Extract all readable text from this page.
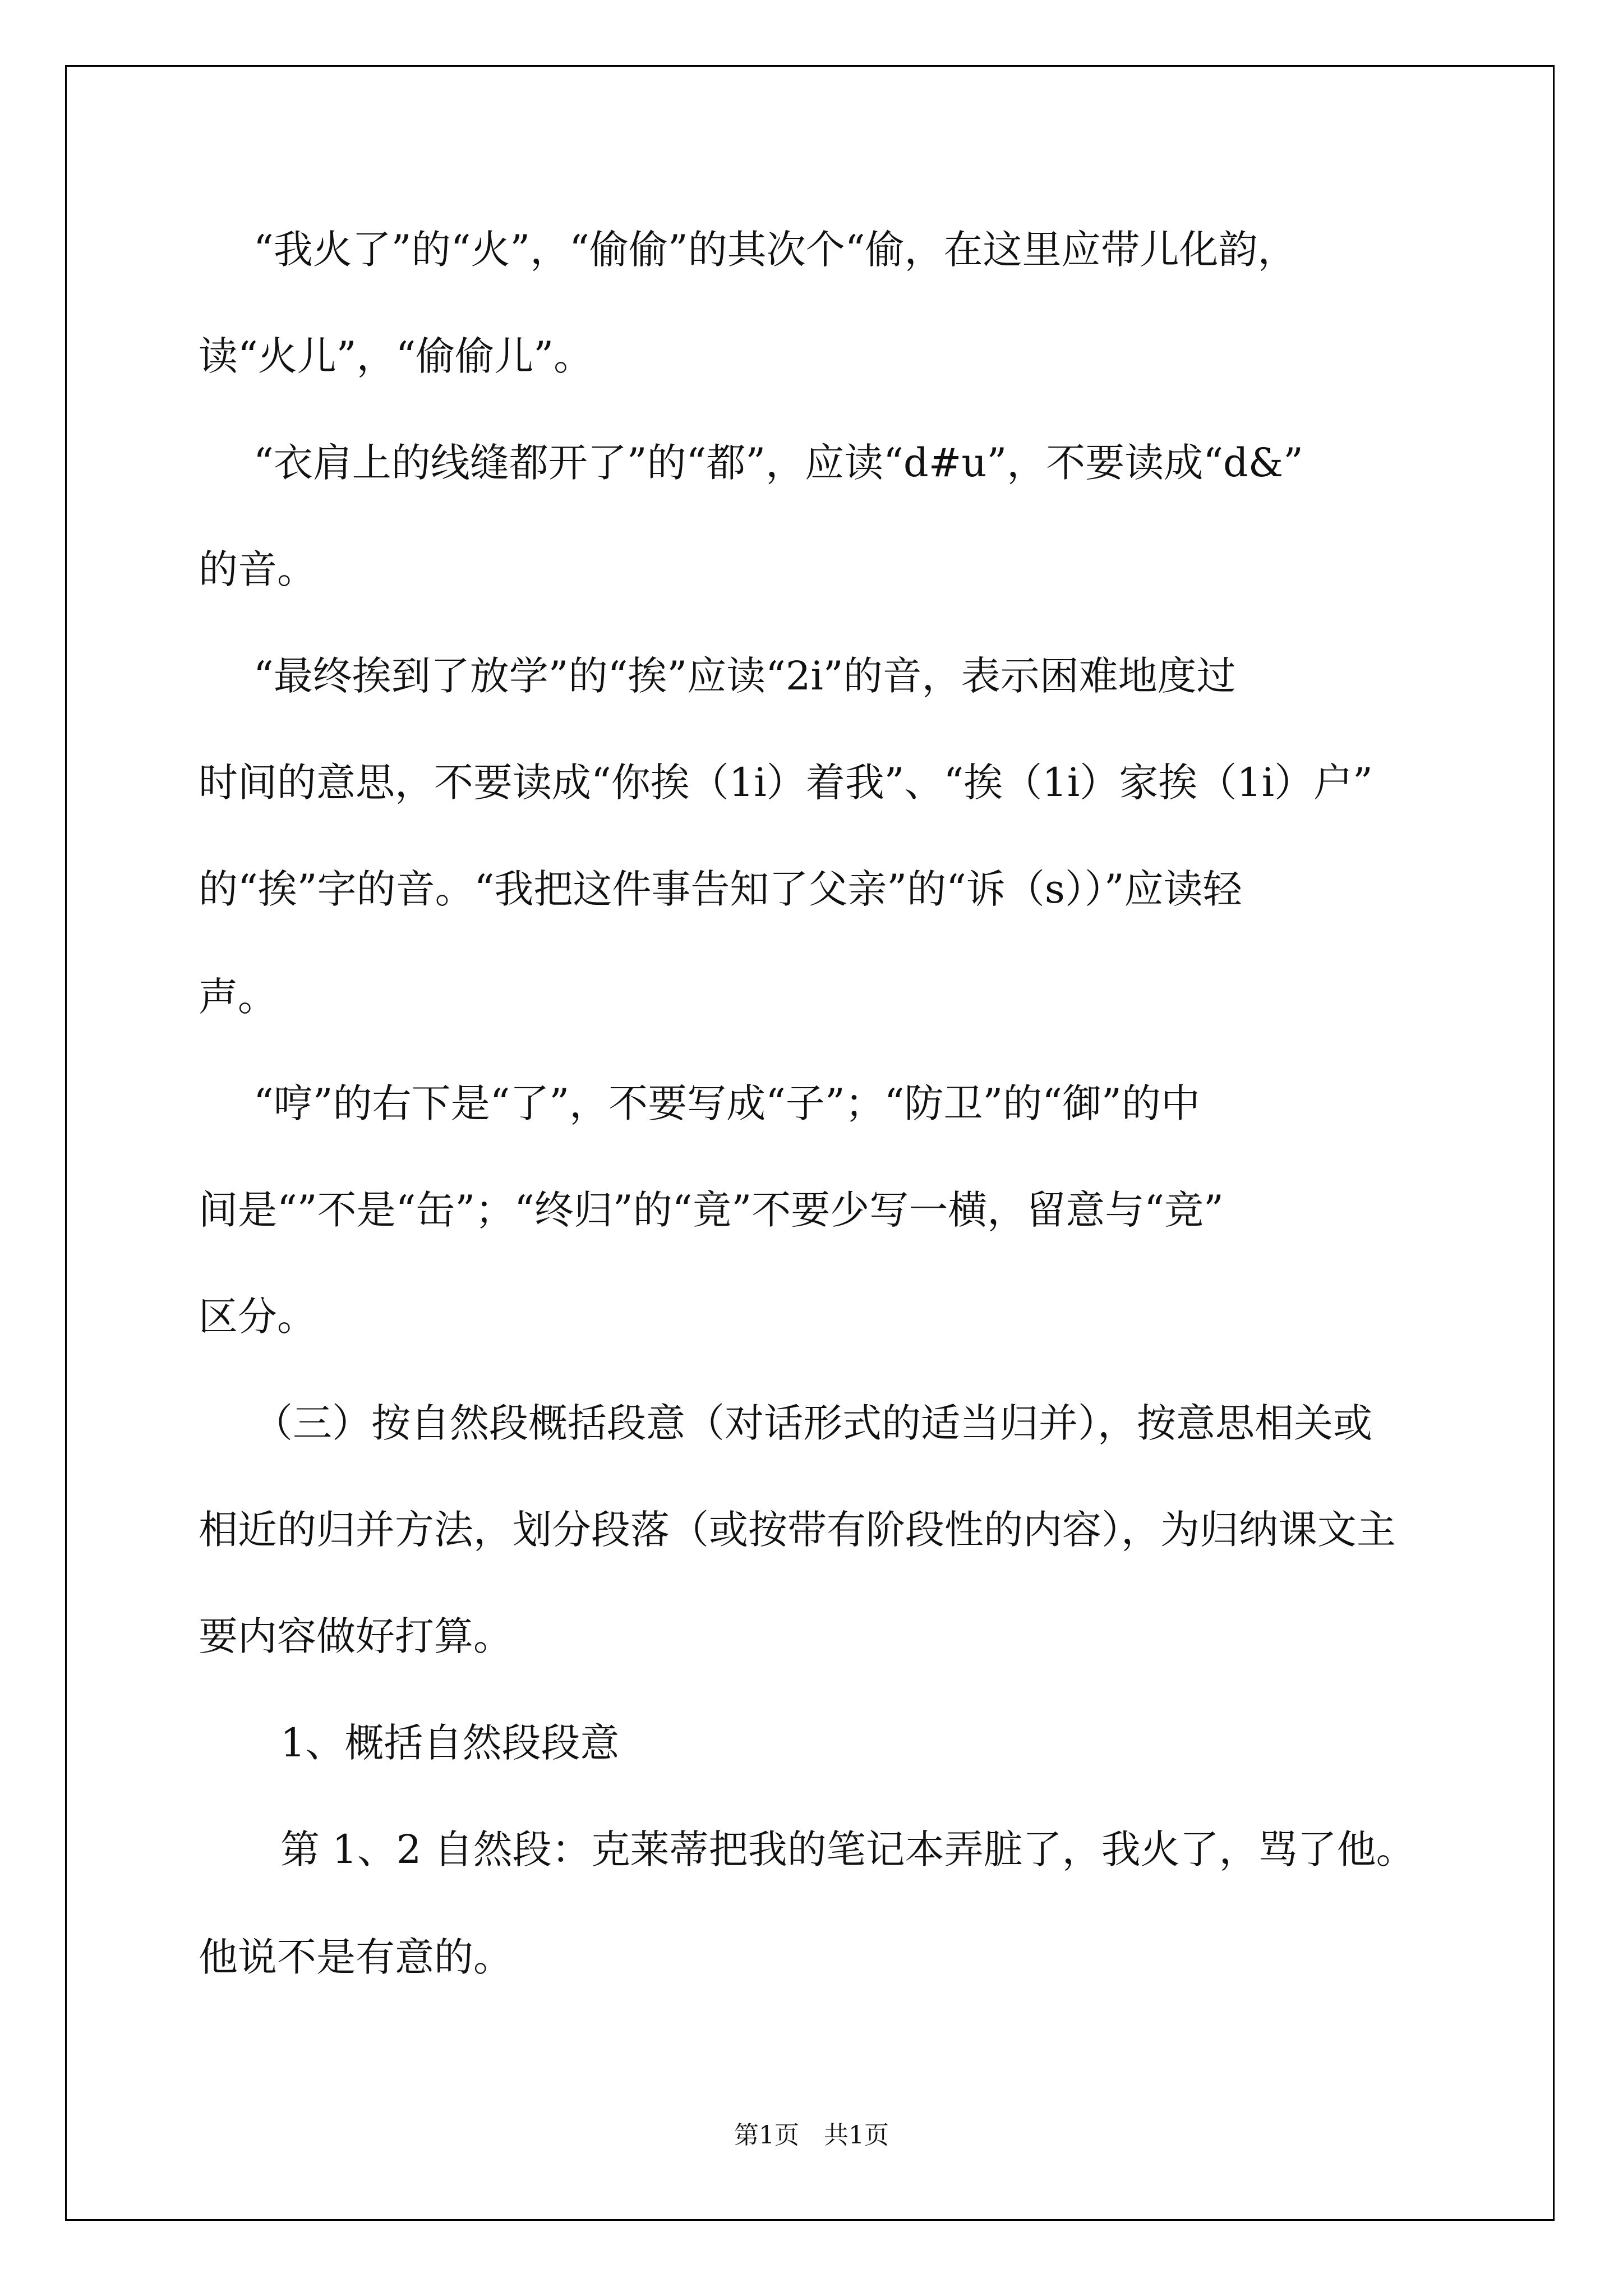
“我火了”的“火”，“偷偷”的其次个“偷，在这里应带儿化韵，
读“火儿”，“偷偷儿”。
“衣肩上的线缝都开了”的“都”，应读“d#u”，不要读成“d&”
的音。
“最终挨到了放学”的“挨”应读“2i”的音，表示困难地度过
时间的意思，不要读成“你挨（1i）着我”、“挨（1i）家挨（1i）户”
的“挨”字的音。“我把这件事告知了父亲”的“诉（s））”应读轻
声。
“哼”的右下是“了”，不要写成“子”；“防卫”的“御”的中
间是“”不是“缶”；“终归”的“竟”不要少写一横，留意与“竞”
区分。
（三）按自然段概括段意（对话形式的适当归并），按意思相关或
相近的归并方法，划分段落（或按带有阶段性的内容），为归纳课文主
要内容做好打算。
1、概括自然段段意
第 1、2 自然段：克莱蒂把我的笔记本弄脏了，我火了，骂了他。
他说不是有意的。
第1页　共1页
